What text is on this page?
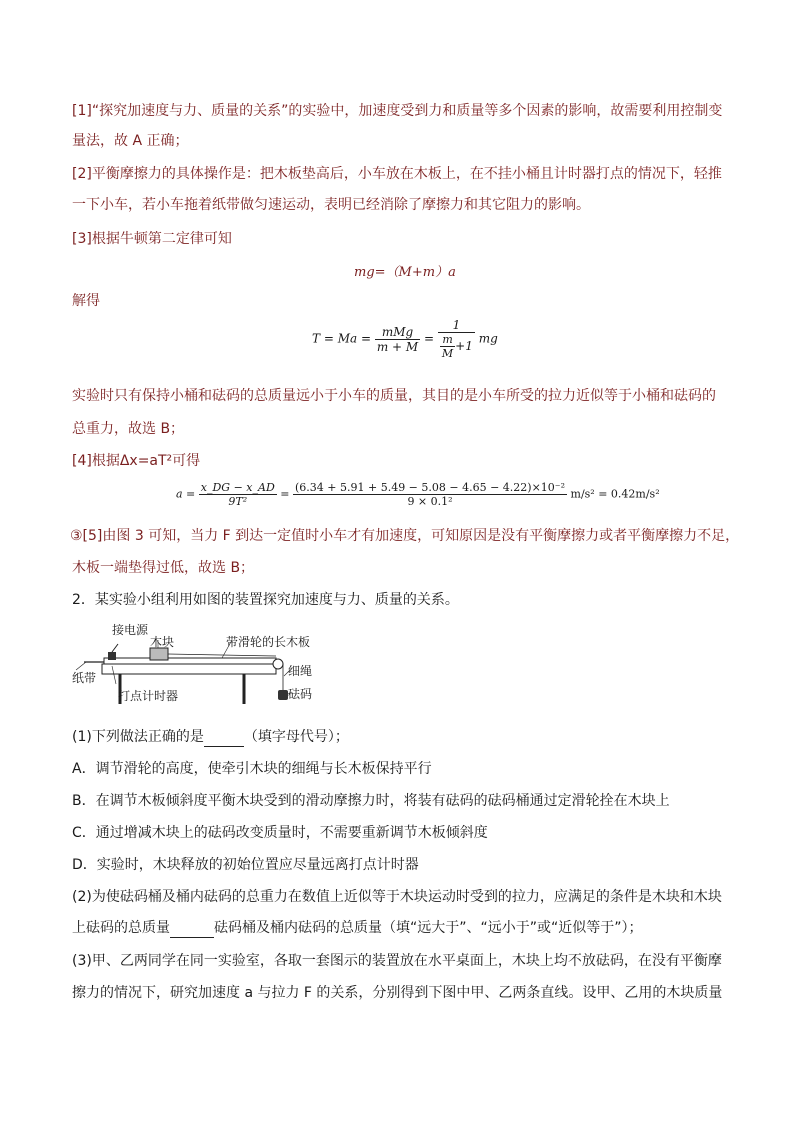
[1]“探究加速度与力、质量的关系”的实验中，加速度受到力和质量等多个因素的影响，故需要利用控制变
量法，故 A 正确；
[2]平衡摩擦力的具体操作是：把木板垫高后，小车放在木板上，在不挂小桶且计时器打点的情况下，轻推
一下小车，若小车拖着纸带做匀速运动，表明已经消除了摩擦力和其它阻力的影响。
[3]根据牛顿第二定律可知
mg=（M+m）a
解得
$T = Ma = \frac{\text{mMg}}{m + M} = \frac{1}{\frac{m}{M} +1}$ mg
实验时只有保持小桶和砝码的总质量远小于小车的质量，其目的是小车所受的拉力近似等于小桶和砝码的
总重力，故选 B；
[4]根据Δx=aT²可得
$a = \frac{x\_DG - x\_AD}{\text{9T²}} = \frac{\text{(6.34 + 5.91 + 5.49 − 5.08 − 4.65 − 4.22)×10⁻²}}{\text{9 × 0.1²}} m/s^2 = 0.42m/s^2$
③[5]由图 3 可知，当力 F 到达一定值时小车才有加速度，可知原因是没有平衡摩擦力或者平衡摩擦力不足，
木板一端垫得过低，故选 B；
2．某实验小组利用如图的装置探究加速度与力、质量的关系。
接电源
木块	带滑轮的长木板
细绳
纸带
砝码
打点计时器
(1)下列做法正确的是	（填字母代号）；
A．调节滑轮的高度，使牵引木块的细绳与长木板保持平行
B．在调节木板倾斜度平衡木块受到的滑动摩擦力时，将装有砝码的砝码桶通过定滑轮拴在木块上
C．通过增减木块上的砝码改变质量时，不需要重新调节木板倾斜度
D．实验时，木块释放的初始位置应尽量远离打点计时器
(2)为使砝码桶及桶内砝码的总重力在数值上近似等于木块运动时受到的拉力，应满足的条件是木块和木块
上砝码的总质量	砝码桶及桶内砝码的总质量（填“远大于”、“远小于”或“近似等于”）；
(3)甲、乙两同学在同一实验室，各取一套图示的装置放在水平桌面上，木块上均不放砝码，在没有平衡摩
擦力的情况下，研究加速度 a 与拉力 F 的关系，分别得到下图中甲、乙两条直线。设甲、乙用的木块质量
